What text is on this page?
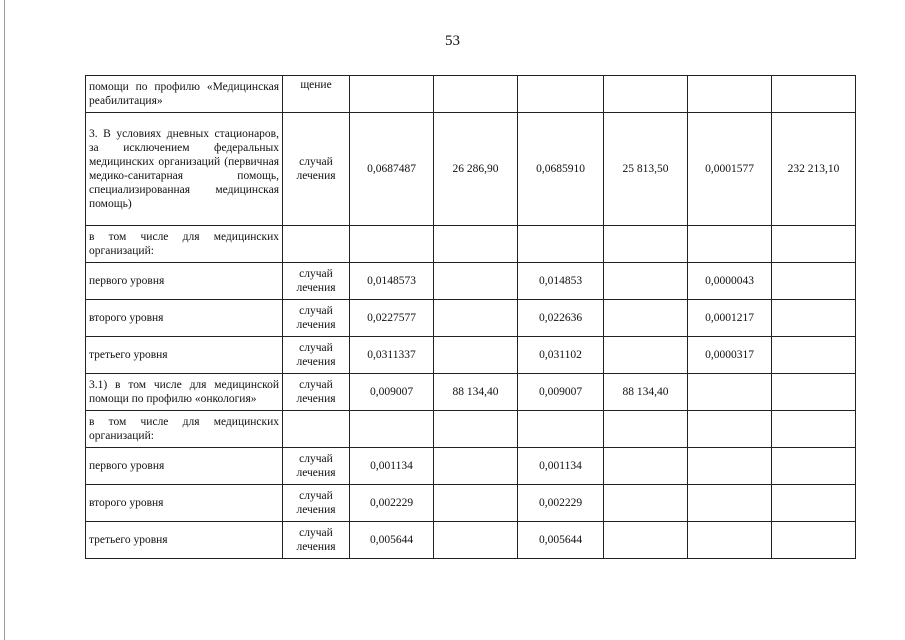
53
помощи по профилю «Медицинская реабилитация»	щение						
3. В условиях дневных стационаров, за исключением федеральных медицинских организаций (первичная медико-санитарная помощь, специализированная медицинская помощь)	случай лечения	0,0687487	26 286,90	0,0685910	25 813,50	0,0001577	232 213,10
в том числе для медицинских организаций:							
первого уровня	случай лечения	0,0148573		0,014853		0,0000043	
второго уровня	случай лечения	0,0227577		0,022636		0,0001217	
третьего уровня	случай лечения	0,0311337		0,031102		0,0000317	
3.1) в том числе для медицинской помощи по профилю «онкология»	случай лечения	0,009007	88 134,40	0,009007	88 134,40		
в том числе для медицинских организаций:							
первого уровня	случай лечения	0,001134		0,001134			
второго уровня	случай лечения	0,002229		0,002229			
третьего уровня	случай лечения	0,005644		0,005644			
